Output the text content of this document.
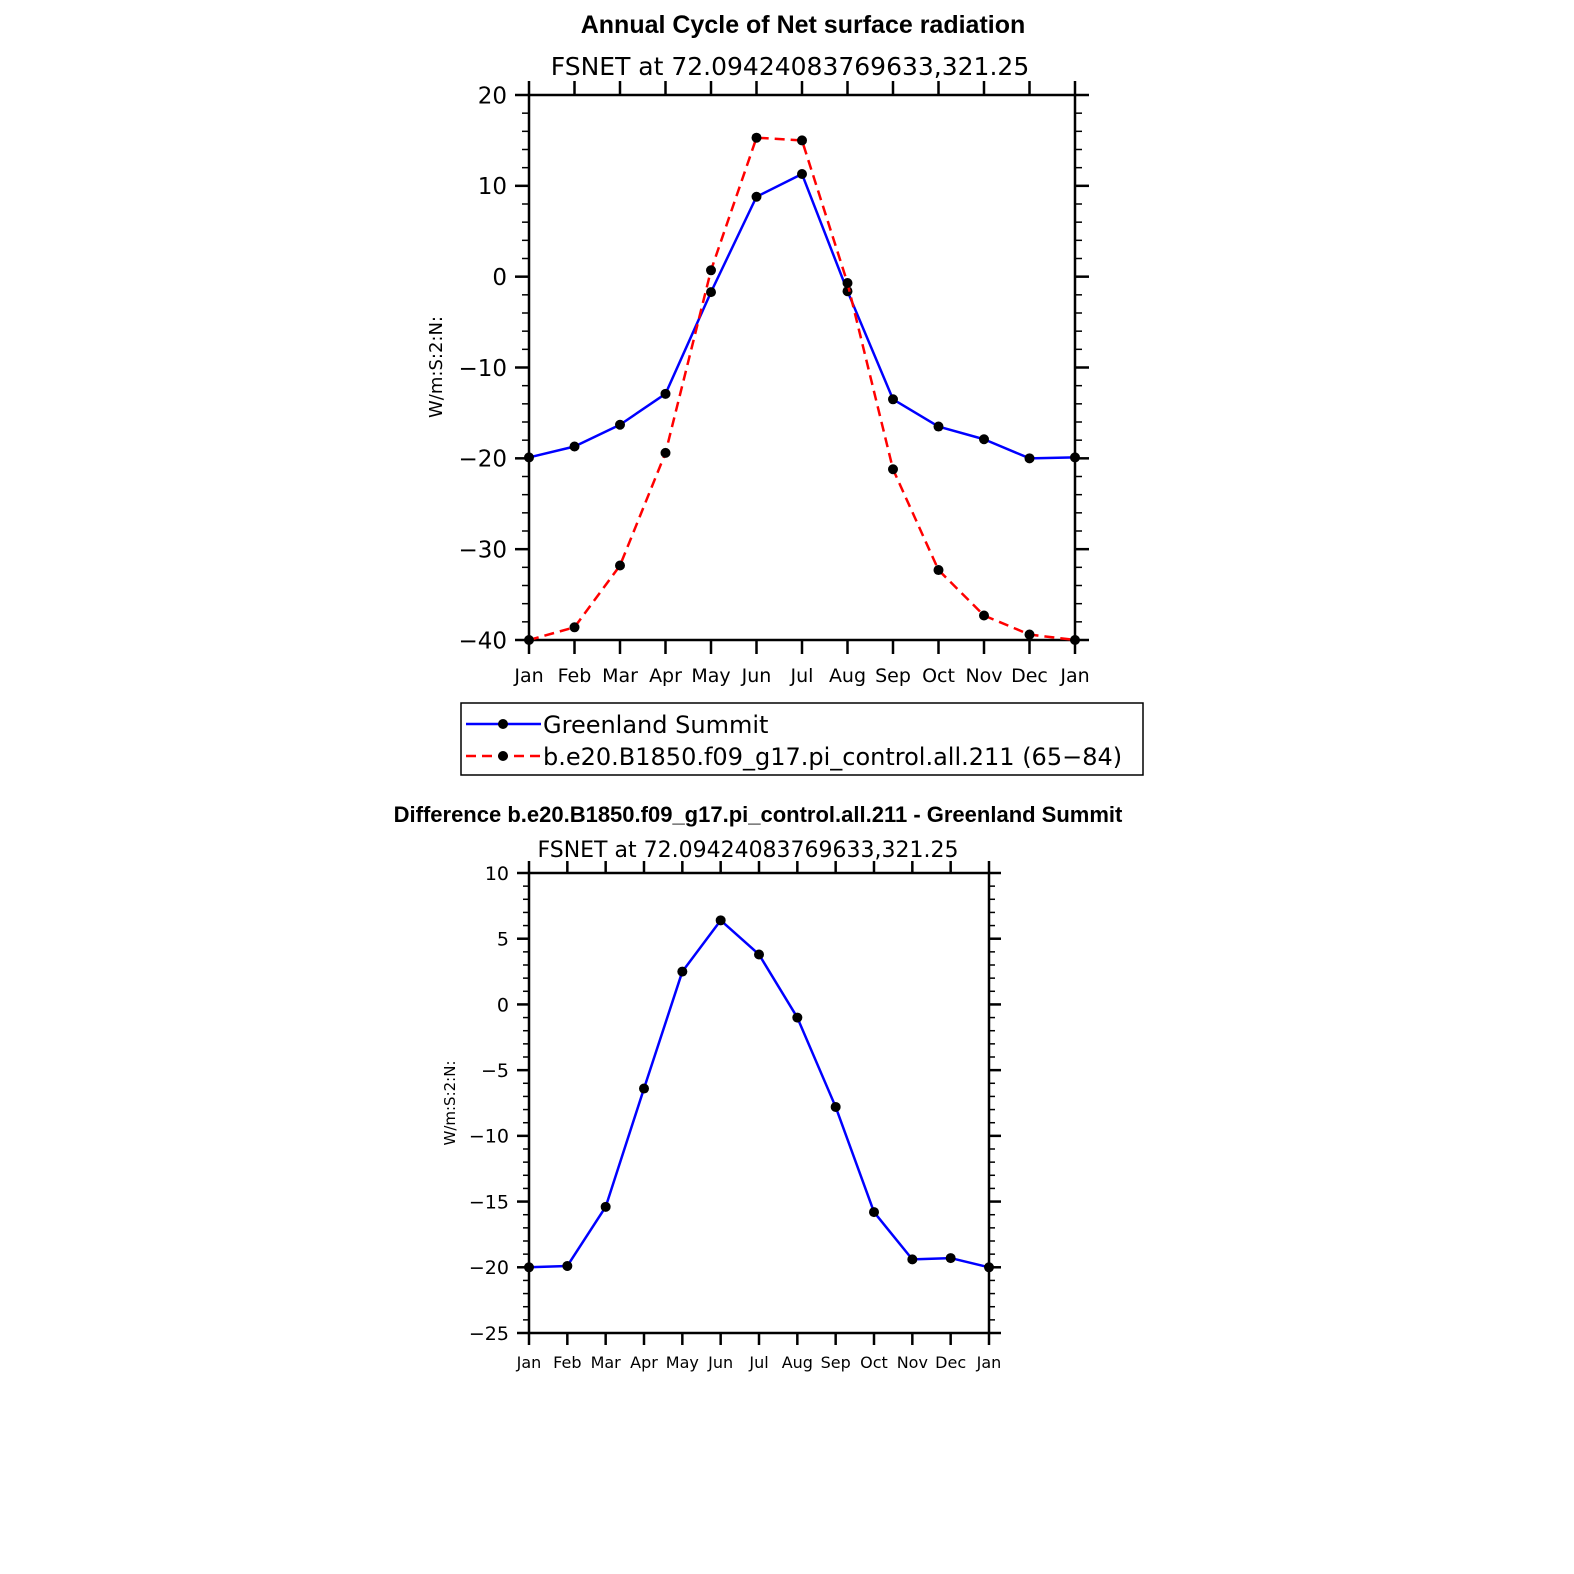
Annual Cycle of Net surface radiation
FSNET at 72.09424083769633,321.25
W/m:S:2:N:
20
10
0
−10
−20
−30
−40
Jan Feb Mar Apr May Jun Jul Aug Sep Oct Nov Dec Jan
Greenland Summit
b.e20.B1850.f09_g17.pi_control.all.211 (65−84)
Difference b.e20.B1850.f09_g17.pi_control.all.211 - Greenland Summit
FSNET at 72.09424083769633,321.25
W/m:S:2:N:
10
5
0
−5
−10
−15
−20
−25
Jan Feb Mar Apr May Jun Jul Aug Sep Oct Nov Dec Jan
